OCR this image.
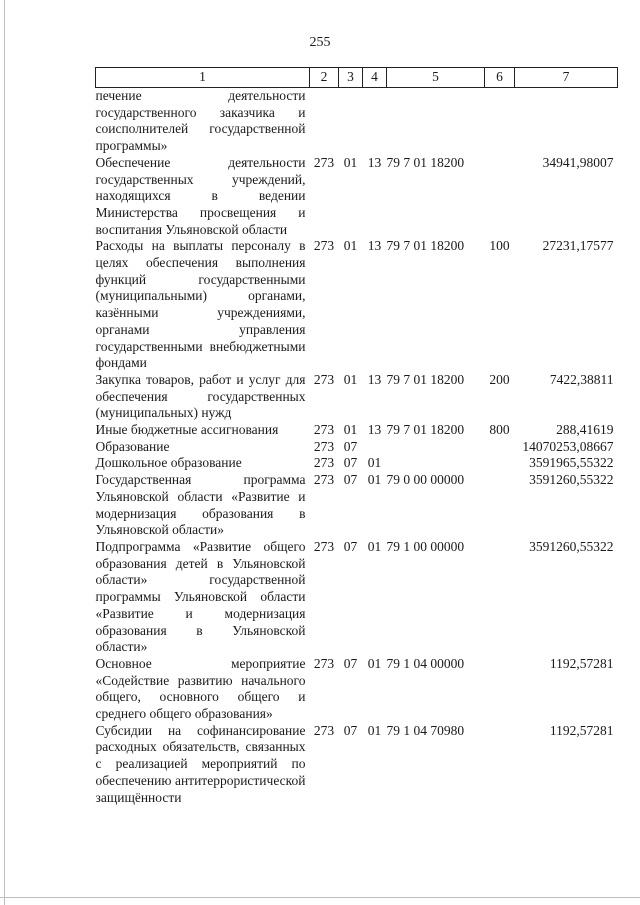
255
1	2	3	4	5	6	7
печение деятельности государственного заказчика и соисполнителей государственной программы»						
Обеспечение деятельности государственных учреждений, находящихся в ведении Министерства просвещения и воспитания Ульяновской области	273	01	13	79 7 01 18200		34941,98007
Расходы на выплаты персоналу в целях обеспечения выполнения функций государственными (муниципальными) органами, казёнными учреждениями, органами управления государственными внебюджетными фондами	273	01	13	79 7 01 18200	100	27231,17577
Закупка товаров, работ и услуг для обеспечения государственных (муниципальных) нужд	273	01	13	79 7 01 18200	200	7422,38811
Иные бюджетные ассигнования	273	01	13	79 7 01 18200	800	288,41619
Образование	273	07				14070253,08667
Дошкольное образование	273	07	01			3591965,55322
Государственная программа Ульяновской области «Развитие и модернизация образования в Ульяновской области»	273	07	01	79 0 00 00000		3591260,55322
Подпрограмма «Развитие общего образования детей в Ульяновской области» государственной программы Ульяновской области «Развитие и модернизация образования в Ульяновской области»	273	07	01	79 1 00 00000		3591260,55322
Основное мероприятие «Содействие развитию начального общего, основного общего и среднего общего образования»	273	07	01	79 1 04 00000		1192,57281
Субсидии на софинансирование расходных обязательств, связанных с реализацией мероприятий по обеспечению антитеррористической защищённости	273	07	01	79 1 04 70980		1192,57281
